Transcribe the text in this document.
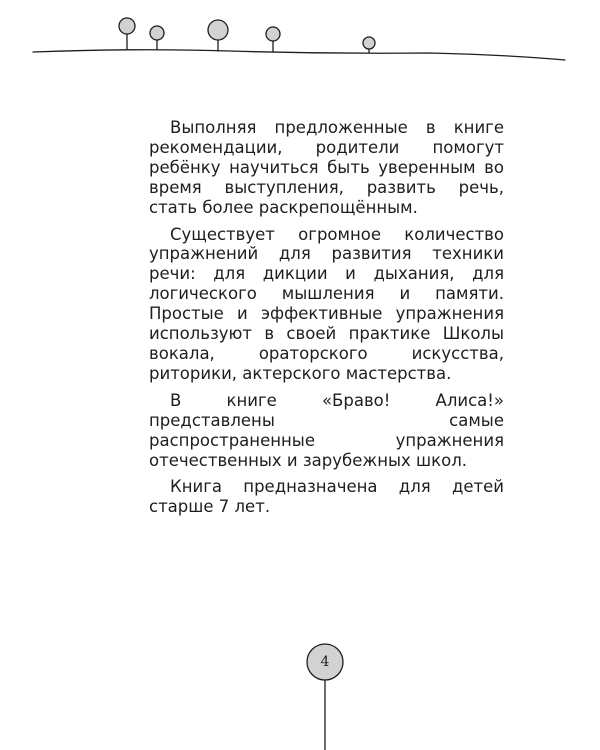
Выполняя предложенные в книге рекомендации, родители помогут ребёнку научиться быть уверенным во время выступления, развить речь, стать более раскрепощённым.

Существует огромное количество упражнений для развития техники речи: для дикции и дыхания, для логического мышления и памяти. Простые и эффективные упражнения используют в своей практике Школы вокала, ораторского искусства, риторики, актерского мастерства.

В книге «Браво! Алиса!» представлены самые распространенные упражнения отечественных и зарубежных школ.

Книга предназначена для детей старше 7 лет.

4
